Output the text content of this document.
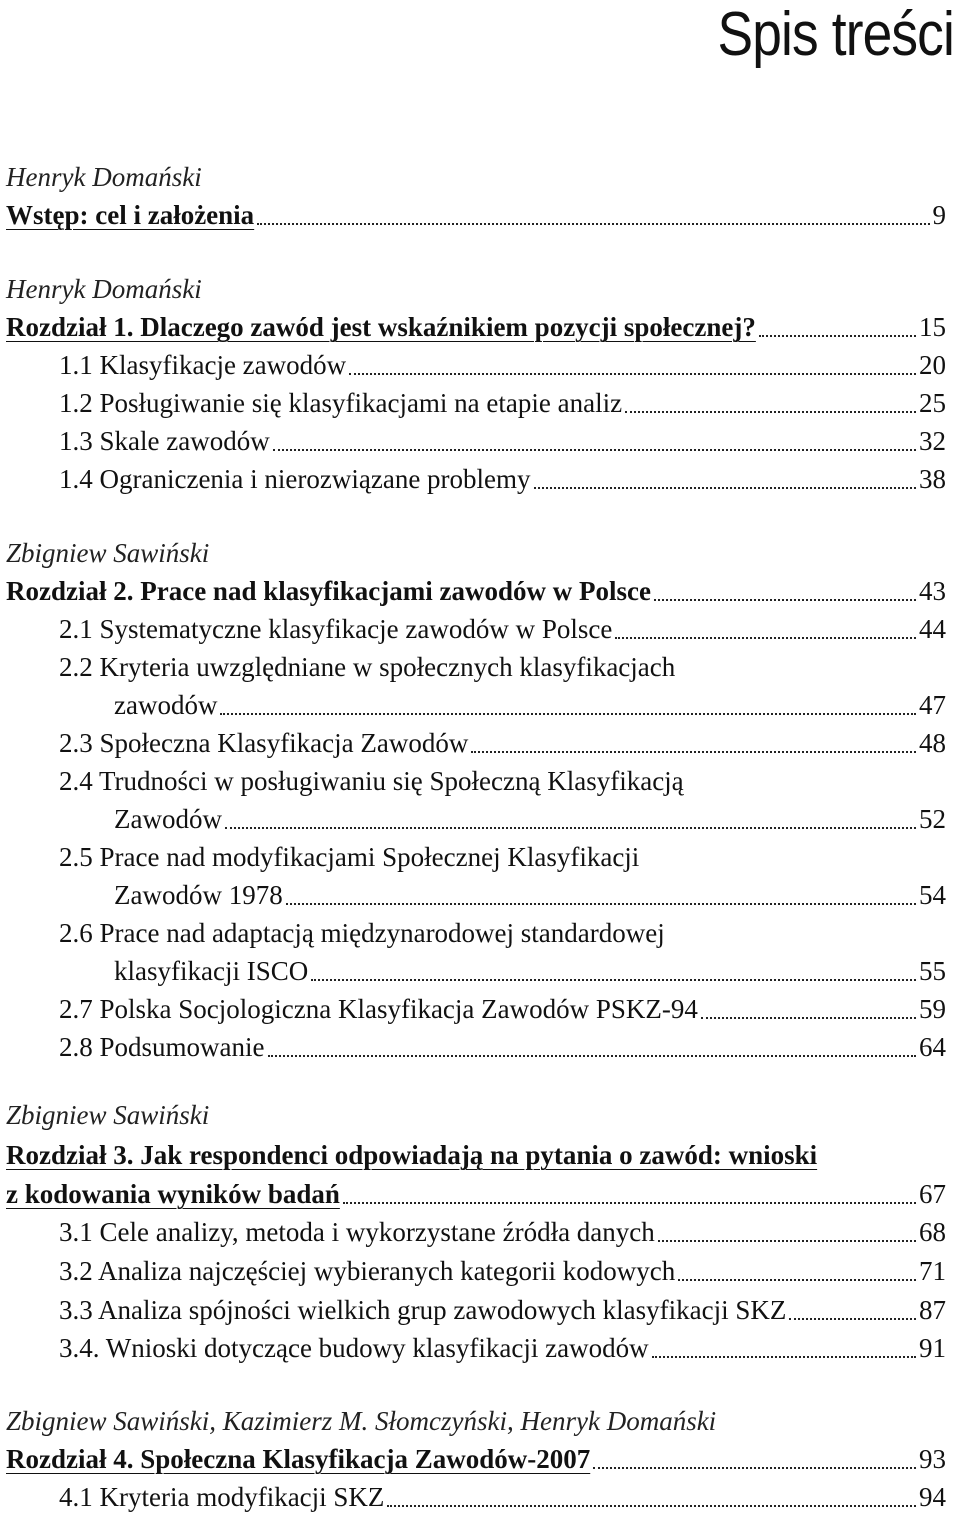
Spis treści
Henryk Domański
Wstęp: cel i założenia	9
Henryk Domański
Rozdział 1. Dlaczego zawód jest wskaźnikiem pozycji społecznej?	15
1.1 Klasyfikacje zawodów	20
1.2 Posługiwanie się klasyfikacjami na etapie analiz	25
1.3 Skale zawodów	32
1.4 Ograniczenia i nierozwiązane problemy	38
Zbigniew Sawiński
Rozdział 2. Prace nad klasyfikacjami zawodów w Polsce	43
2.1 Systematyczne klasyfikacje zawodów w Polsce	44
2.2 Kryteria uwzględniane w społecznych klasyfikacjach
zawodów	47
2.3 Społeczna Klasyfikacja Zawodów	48
2.4 Trudności w posługiwaniu się Społeczną Klasyfikacją
Zawodów	52
2.5 Prace nad modyfikacjami Społecznej Klasyfikacji
Zawodów 1978	54
2.6 Prace nad adaptacją międzynarodowej standardowej
klasyfikacji ISCO	55
2.7 Polska Socjologiczna Klasyfikacja Zawodów PSKZ-94	59
2.8 Podsumowanie	64
Zbigniew Sawiński
Rozdział 3. Jak respondenci odpowiadają na pytania o zawód: wnioski
z kodowania wyników badań	67
3.1 Cele analizy, metoda i wykorzystane źródła danych	68
3.2 Analiza najczęściej wybieranych kategorii kodowych	71
3.3 Analiza spójności wielkich grup zawodowych klasyfikacji SKZ	87
3.4. Wnioski dotyczące budowy klasyfikacji zawodów	91
Zbigniew Sawiński, Kazimierz M. Słomczyński, Henryk Domański
Rozdział 4. Społeczna Klasyfikacja Zawodów-2007	93
4.1 Kryteria modyfikacji SKZ	94
